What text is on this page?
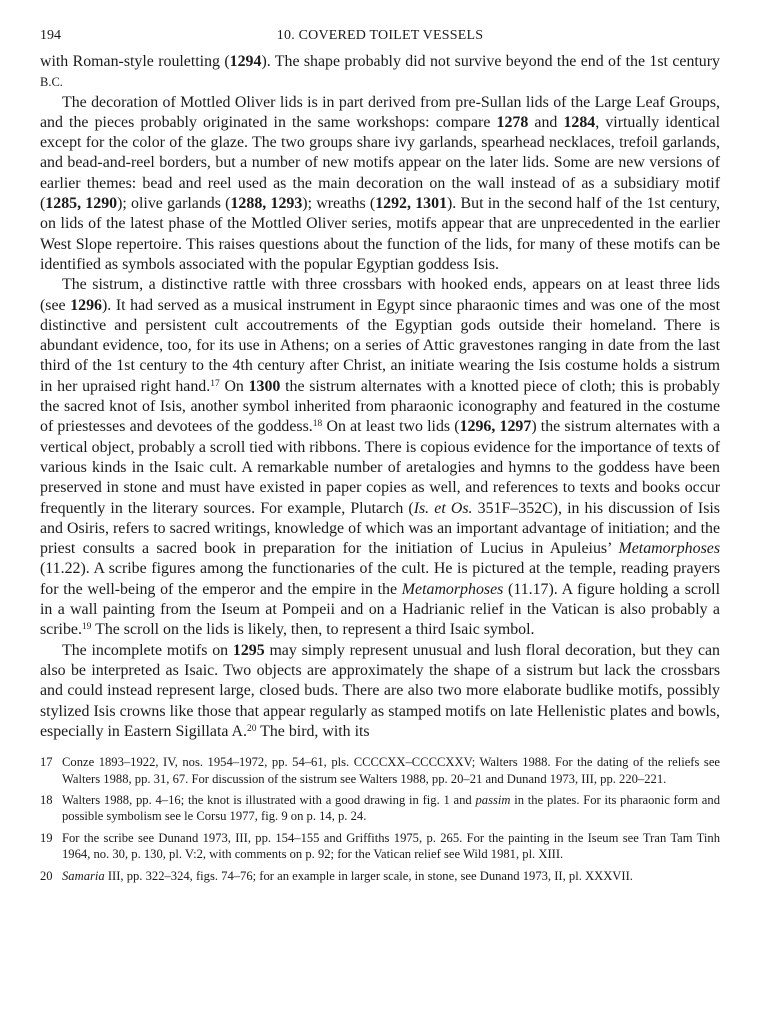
194	10. COVERED TOILET VESSELS

with Roman-style rouletting (1294). The shape probably did not survive beyond the end of the 1st century B.C.

The decoration of Mottled Oliver lids is in part derived from pre-Sullan lids of the Large Leaf Groups, and the pieces probably originated in the same workshops: compare 1278 and 1284, virtually identical except for the color of the glaze. The two groups share ivy garlands, spearhead necklaces, trefoil garlands, and bead-and-reel borders, but a number of new motifs appear on the later lids. Some are new versions of earlier themes: bead and reel used as the main decoration on the wall instead of as a subsidiary motif (1285, 1290); olive garlands (1288, 1293); wreaths (1292, 1301). But in the second half of the 1st century, on lids of the latest phase of the Mottled Oliver series, motifs appear that are unprecedented in the earlier West Slope repertoire. This raises questions about the function of the lids, for many of these motifs can be identified as symbols associated with the popular Egyptian goddess Isis.

The sistrum, a distinctive rattle with three crossbars with hooked ends, appears on at least three lids (see 1296). It had served as a musical instrument in Egypt since pharaonic times and was one of the most distinctive and persistent cult accoutrements of the Egyptian gods outside their homeland. There is abundant evidence, too, for its use in Athens; on a series of Attic gravestones ranging in date from the last third of the 1st century to the 4th century after Christ, an initiate wearing the Isis costume holds a sistrum in her upraised right hand.$^{17}$ On 1300 the sistrum alternates with a knotted piece of cloth; this is probably the sacred knot of Isis, another symbol inherited from pharaonic iconography and featured in the costume of priestesses and devotees of the goddess.$^{18}$ On at least two lids (1296, 1297) the sistrum alternates with a vertical object, probably a scroll tied with ribbons. There is copious evidence for the importance of texts of various kinds in the Isaic cult. A remarkable number of aretalogies and hymns to the goddess have been preserved in stone and must have existed in paper copies as well, and references to texts and books occur frequently in the literary sources. For example, Plutarch (Is. et Os. 351F–352C), in his discussion of Isis and Osiris, refers to sacred writings, knowledge of which was an important advantage of initiation; and the priest consults a sacred book in preparation for the initiation of Lucius in Apuleius’ Metamorphoses (11.22). A scribe figures among the functionaries of the cult. He is pictured at the temple, reading prayers for the well-being of the emperor and the empire in the Metamorphoses (11.17). A figure holding a scroll in a wall painting from the Iseum at Pompeii and on a Hadrianic relief in the Vatican is also probably a scribe.$^{19}$ The scroll on the lids is likely, then, to represent a third Isaic symbol.

The incomplete motifs on 1295 may simply represent unusual and lush floral decoration, but they can also be interpreted as Isaic. Two objects are approximately the shape of a sistrum but lack the crossbars and could instead represent large, closed buds. There are also two more elaborate budlike motifs, possibly stylized Isis crowns like those that appear regularly as stamped motifs on late Hellenistic plates and bowls, especially in Eastern Sigillata A.$^{20}$ The bird, with its

17 Conze 1893–1922, IV, nos. 1954–1972, pp. 54–61, pls. CCCCXX–CCCCXXV; Walters 1988. For the dating of the reliefs see Walters 1988, pp. 31, 67. For discussion of the sistrum see Walters 1988, pp. 20–21 and Dunand 1973, III, pp. 220–221.

18 Walters 1988, pp. 4–16; the knot is illustrated with a good drawing in fig. 1 and passim in the plates. For its pharaonic form and possible symbolism see le Corsu 1977, fig. 9 on p. 14, p. 24.

19 For the scribe see Dunand 1973, III, pp. 154–155 and Griffiths 1975, p. 265. For the painting in the Iseum see Tran Tam Tinh 1964, no. 30, p. 130, pl. V:2, with comments on p. 92; for the Vatican relief see Wild 1981, pl. XIII.

20 Samaria III, pp. 322–324, figs. 74–76; for an example in larger scale, in stone, see Dunand 1973, II, pl. XXXVII.
